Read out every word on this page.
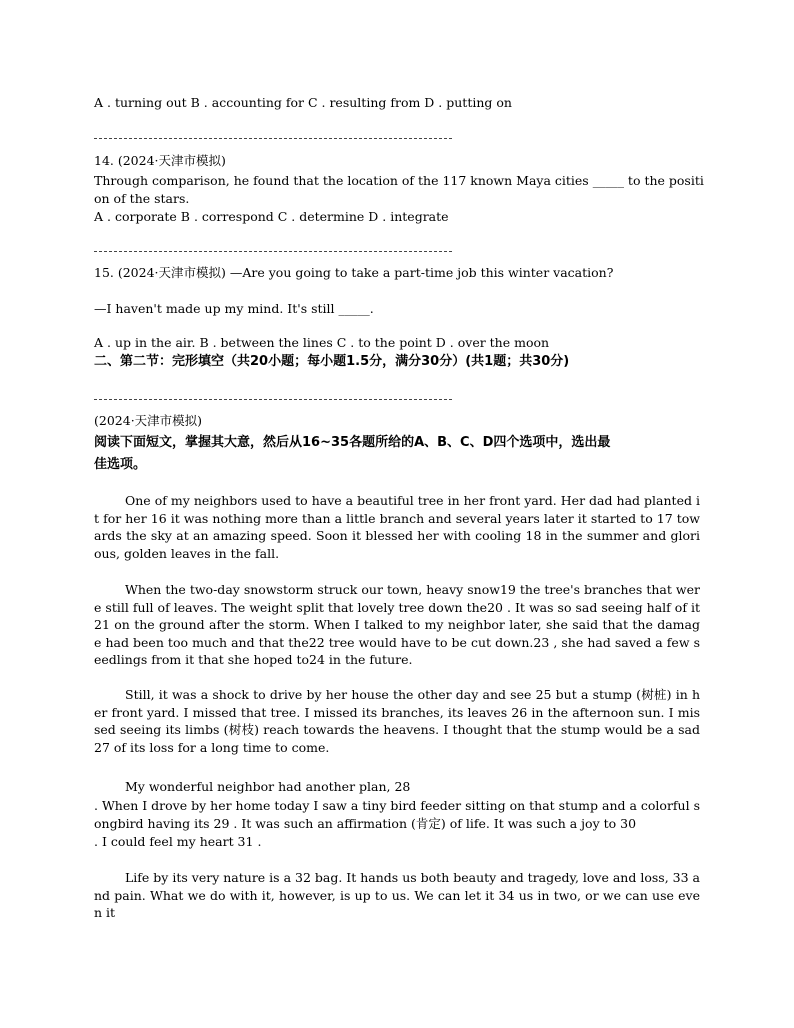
A . turning out B . accounting for C . resulting from D . putting on
14. (2024·天津市模拟)
Through comparison, he found that the location of the 117 known Maya cities _____ to the positi
on of the stars.
A . corporate B . correspond C . determine D . integrate
15. (2024·天津市模拟) —Are you going to take a part-time job this winter vacation?
—I haven't made up my mind. It's still _____.
A . up in the air. B . between the lines C . to the point D . over the moon
二、第二节：完形填空（共20小题；每小题1.5分，满分30分）(共1题；共30分)
(2024·天津市模拟)
阅读下面短文，掌握其大意，然后从16~35各题所给的A、B、C、D四个选项中，选出最
佳选项。
One of my neighbors used to have a beautiful tree in her front yard. Her dad had planted it for her 16 it was nothing more than a little branch and several years later it started to 17 towards the sky at an amazing speed. Soon it blessed her with cooling 18 in the summer and glorious, golden leaves in the fall.
When the two-day snowstorm struck our town, heavy snow19 the tree's branches that were still full of leaves. The weight split that lovely tree down the20 . It was so sad seeing half of it21 on the ground after the storm. When I talked to my neighbor later, she said that the damage had been too much and that the22 tree would have to be cut down.23 , she had saved a few seedlings from it that she hoped to24 in the future.
Still, it was a shock to drive by her house the other day and see 25 but a stump (树桩) in her front yard. I missed that tree. I missed its branches, its leaves 26 in the afternoon sun. I missed seeing its limbs (树枝) reach towards the heavens. I thought that the stump would be a sad 27 of its loss for a long time to come.
My wonderful neighbor had another plan, 28
. When I drove by her home today I saw a tiny bird feeder sitting on that stump and a colorful songbird having its 29 . It was such an affirmation (肯定) of life. It was such a joy to 30
. I could feel my heart 31 .
Life by its very nature is a 32 bag. It hands us both beauty and tragedy, love and loss, 33 and pain. What we do with it, however, is up to us. We can let it 34 us in two, or we can use even it
